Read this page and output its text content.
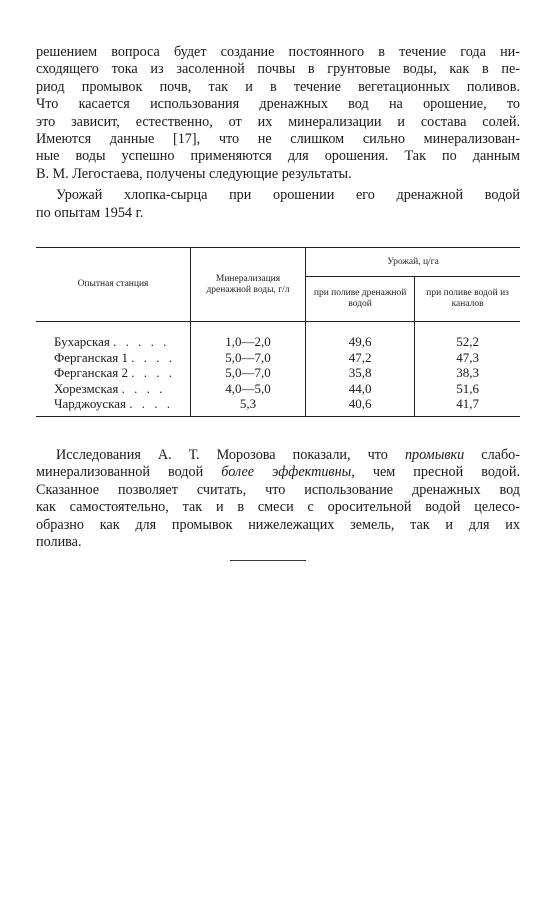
решением вопроса будет создание постоянного в течение года ни-
сходящего тока из засоленной почвы в грунтовые воды, как в пе-
риод промывок почв, так и в течение вегетационных поливов.
Что касается использования дренажных вод на орошение, то
это зависит, естественно, от их минерализации и состава солей.
Имеются данные [17], что не слишком сильно минерализован-
ные воды успешно применяются для орошения. Так по данным
В. М. Легостаева, получены следующие результаты.

Урожай хлопка-сырца при орошении его дренажной водой
по опытам 1954 г.

Опытная станция	Минерализация дренажной воды, г/л	Урожай, ц/га	
		при поливе дренажной водой	при поливе водой из каналов
Бухарская . . . . .	1,0—2,0	49,6	52,2
Ферганская 1 . . . .	5,0—7,0	47,2	47,3
Ферганская 2 . . . .	5,0—7,0	35,8	38,3
Хорезмская . . . .	4,0—5,0	44,0	51,6
Чарджоуская . . . .	5,3	40,6	41,7

Исследования А. Т. Морозова показали, что промывки слабо-
минерализованной водой более эффективны, чем пресной водой.
Сказанное позволяет считать, что использование дренажных вод
как самостоятельно, так и в смеси с оросительной водой целесо-
образно как для промывок нижележащих земель, так и для их
полива.
